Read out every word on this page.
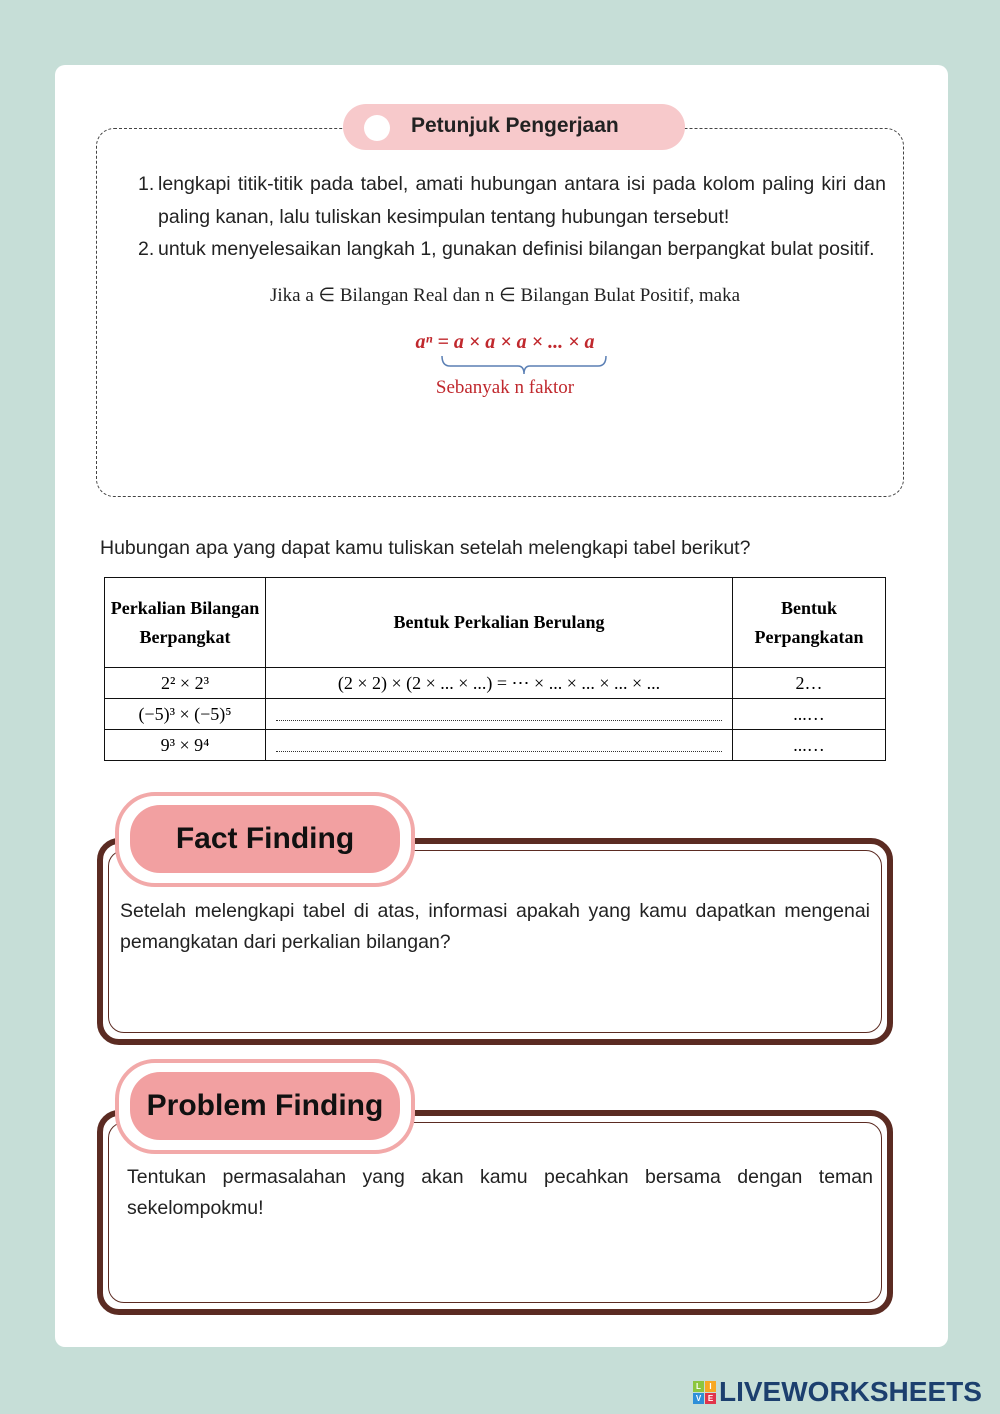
Petunjuk Pengerjaan
1. lengkapi titik-titik pada tabel, amati hubungan antara isi pada kolom paling kiri dan paling kanan, lalu tuliskan kesimpulan tentang hubungan tersebut!
2. untuk menyelesaikan langkah 1, gunakan definisi bilangan berpangkat bulat positif.
Jika a ∈ Bilangan Real dan n ∈ Bilangan Bulat Positif, maka
aⁿ = a × a × a × ... × a
Sebanyak n faktor
Hubungan apa yang dapat kamu tuliskan setelah melengkapi tabel berikut?
Perkalian Bilangan Berpangkat	Bentuk Perkalian Berulang	Bentuk Perpangkatan
2² × 2³	(2 × 2) × (2 × ... × ...) = ⋯ × ... × ... × ... × ...	2…
(−5)³ × (−5)⁵		...…
9³ × 9⁴		...…
Fact Finding
Setelah melengkapi tabel di atas, informasi apakah yang kamu dapatkan mengenai pemangkatan dari perkalian bilangan?
Problem Finding
Tentukan permasalahan yang akan kamu pecahkan bersama dengan teman sekelompokmu!
L	I
V E LIVEWORKSHEETS
